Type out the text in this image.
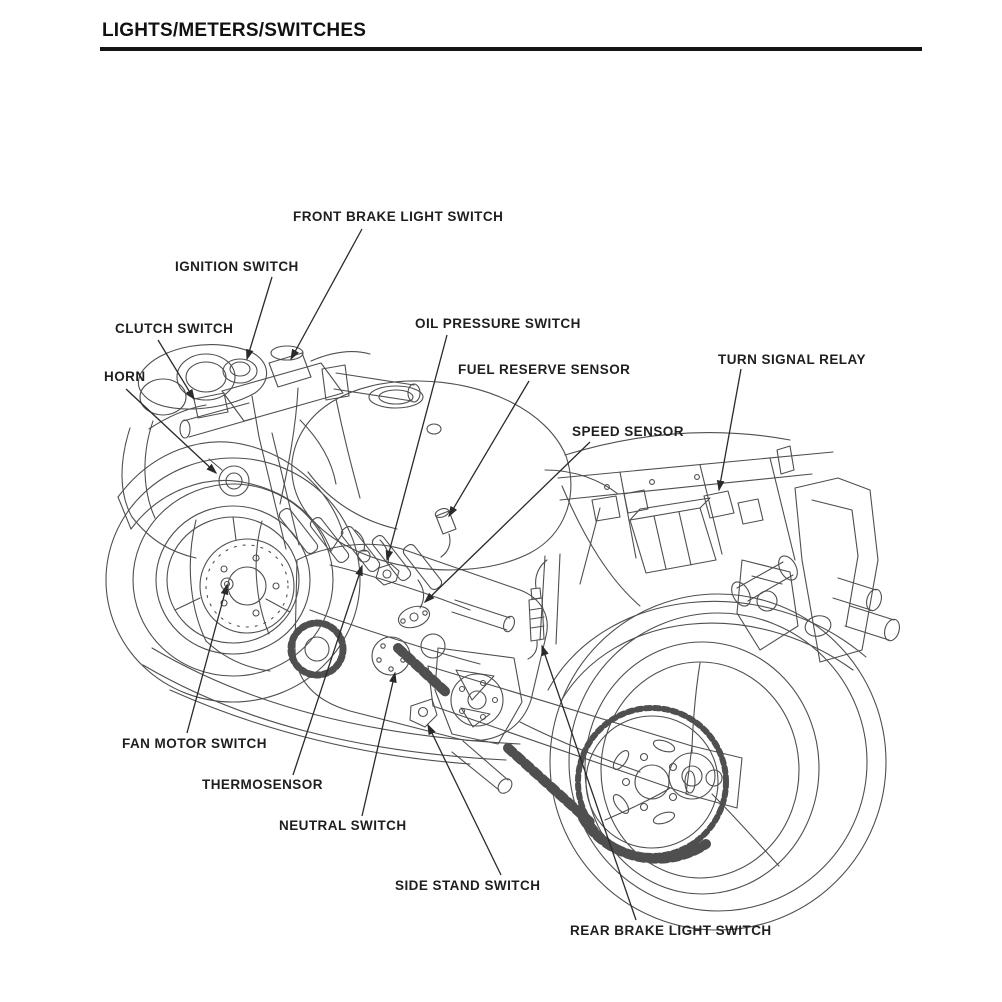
LIGHTS/METERS/SWITCHES
FRONT BRAKE LIGHT SWITCH
IGNITION SWITCH
CLUTCH SWITCH
HORN
OIL PRESSURE SWITCH
FUEL RESERVE SENSOR
SPEED SENSOR
TURN SIGNAL RELAY
FAN MOTOR SWITCH
THERMOSENSOR
NEUTRAL SWITCH
SIDE STAND SWITCH
REAR BRAKE LIGHT SWITCH
